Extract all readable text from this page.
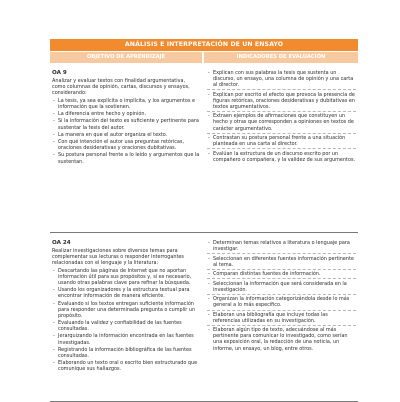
ANÁLISIS E INTERPRETACIÓN DE UN ENSAYO
OBJETIVO DE APRENDIZAJE	INDICADORES DE EVALUACIÓN
OA 9
Analizar y evaluar textos con finalidad argumentativa, como columnas de opinión, cartas, discursos y ensayos, considerando:
- La tesis, ya sea explícita o implícita, y los argumentos e información que la sostienen.
- La diferencia entre hecho y opinión.
- Si la información del texto es suficiente y pertinente para sustentar la tesis del autor.
- La manera en que el autor organiza el texto.
- Con qué intención el autor usa preguntas retóricas, oraciones desiderativas y oraciones dubitativas.
- Su postura personal frente a lo leído y argumentos que la sustentan.
- Explican con sus palabras la tesis que sustenta un discurso, un ensayo, una columna de opinión y una carta al director.
- Explican por escrito el efecto que provoca la presencia de figuras retóricas, oraciones desiderativas y dubitativas en textos argumentativos.
- Extraen ejemplos de afirmaciones que constituyen un hecho y otras que corresponden a opiniones en textos de carácter argumentativo.
- Contrastan su postura personal frente a una situación planteada en una carta al director.
- Evalúan la estructura de un discurso escrito por un compañero o compañera, y la validez de sus argumentos.
OA 24
Realizar investigaciones sobre diversos temas para complementar sus lecturas o responder interrogantes relacionadas con el lenguaje y la literatura:
- Descartando las páginas de Internet que no aportan información útil para sus propósitos y, si es necesario, usando otras palabras clave para refinar la búsqueda.
- Usando los organizadores y la estructura textual para encontrar información de manera eficiente.
- Evaluando si los textos entregan suficiente información para responder una determinada pregunta o cumplir un propósito.
- Evaluando la validez y confiabilidad de las fuentes consultadas.
- Jerarquizando la información encontrada en las fuentes investigadas.
- Registrando la información bibliográfica de las fuentes consultadas.
- Elaborando un texto oral o escrito bien estructurado que comunique sus hallazgos.
- Determinan temas relativos a literatura o lenguaje para investigar.
- Seleccionan en diferentes fuentes información pertinente al tema.
- Comparan distintas fuentes de información.
- Seleccionan la información que será considerada en la investigación.
- Organizan la información categorizándola desde lo más general a lo más específico.
- Elaboran una bibliografía que incluye todas las referencias utilizadas en su investigación.
- Elaboran algún tipo de texto, adecuándose al más pertinente para comunicar lo investigado, como serían una exposición oral, la redacción de una noticia, un informe, un ensayo, un blog, entre otros.
